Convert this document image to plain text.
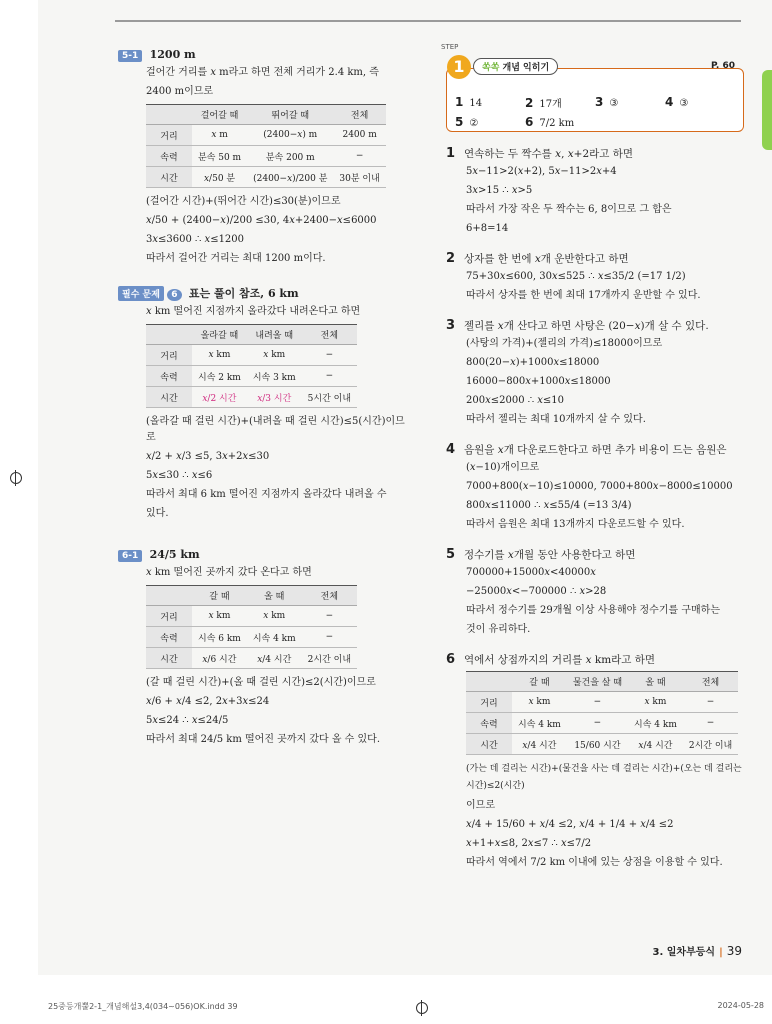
5-1 1200 m
걸어간 거리를 𝑥 m라고 하면 전체 거리가 2.4 km, 즉
2400 m이므로
	걸어갈 때	뛰어갈 때	전체
거리	𝑥 m	(2400−𝑥) m	2400 m
속력	분속 50 m	분속 200 m	−
시간	𝑥/50 분	(2400−𝑥)/200 분	30분 이내
(걸어간 시간)+(뛰어간 시간)≤30(분)이므로
𝑥/50 + (2400−𝑥)/200 ≤30, 4𝑥+2400−𝑥≤6000
3𝑥≤3600 ∴ 𝑥≤1200
따라서 걸어간 거리는 최대 1200 m이다.
필수 문제 6 표는 풀이 참조, 6 km
𝑥 km 떨어진 지점까지 올라갔다 내려온다고 하면
	올라갈 때	내려올 때	전체
거리	𝑥 km	𝑥 km	−
속력	시속 2 km	시속 3 km	−
시간	𝑥/2 시간	𝑥/3 시간	5시간 이내
(올라갈 때 걸린 시간)+(내려올 때 걸린 시간)≤5(시간)이므로
𝑥/2 + 𝑥/3 ≤5, 3𝑥+2𝑥≤30
5𝑥≤30 ∴ 𝑥≤6
따라서 최대 6 km 떨어진 지점까지 올라갔다 내려올 수
있다.
6-1 24/5 km
𝑥 km 떨어진 곳까지 갔다 온다고 하면
	갈 때	올 때	전체
거리	𝑥 km	𝑥 km	−
속력	시속 6 km	시속 4 km	−
시간	𝑥/6 시간	𝑥/4 시간	2시간 이내
(갈 때 걸린 시간)+(올 때 걸린 시간)≤2(시간)이므로
𝑥/6 + 𝑥/4 ≤2, 2𝑥+3𝑥≤24
5𝑥≤24 ∴ 𝑥≤24/5
따라서 최대 24/5 km 떨어진 곳까지 갔다 올 수 있다.
STEP
1	쏙쏙 개념 익히기	P. 60
1 14	2 17개	3 ③	4 ③
5 ②	6 7/2 km
1 연속하는 두 짝수를 𝑥, 𝑥+2라고 하면
5𝑥−11>2(𝑥+2), 5𝑥−11>2𝑥+4
3𝑥>15 ∴ 𝑥>5
따라서 가장 작은 두 짝수는 6, 8이므로 그 합은
6+8=14
2 상자를 한 번에 𝑥개 운반한다고 하면
75+30𝑥≤600, 30𝑥≤525 ∴ 𝑥≤35/2 (=17 1/2)
따라서 상자를 한 번에 최대 17개까지 운반할 수 있다.
3 젤리를 𝑥개 산다고 하면 사탕은 (20−𝑥)개 살 수 있다.
(사탕의 가격)+(젤리의 가격)≤18000이므로
800(20−𝑥)+1000𝑥≤18000
16000−800𝑥+1000𝑥≤18000
200𝑥≤2000 ∴ 𝑥≤10
따라서 젤리는 최대 10개까지 살 수 있다.
4 음원을 𝑥개 다운로드한다고 하면 추가 비용이 드는 음원은
(𝑥−10)개이므로
7000+800(𝑥−10)≤10000, 7000+800𝑥−8000≤10000
800𝑥≤11000 ∴ 𝑥≤55/4 (=13 3/4)
따라서 음원은 최대 13개까지 다운로드할 수 있다.
5 정수기를 𝑥개월 동안 사용한다고 하면
700000+15000𝑥<40000𝑥
−25000𝑥<−700000 ∴ 𝑥>28
따라서 정수기를 29개월 이상 사용해야 정수기를 구매하는
것이 유리하다.
6 역에서 상점까지의 거리를 𝑥 km라고 하면
	갈 때	물건을 살 때	올 때	전체
거리	𝑥 km	−	𝑥 km	−
속력	시속 4 km	−	시속 4 km	−
시간	𝑥/4 시간	15/60 시간	𝑥/4 시간	2시간 이내
(가는 데 걸리는 시간)+(물건을 사는 데 걸리는 시간)+(오는 데 걸리는 시간)≤2(시간)
이므로
𝑥/4 + 15/60 + 𝑥/4 ≤2, 𝑥/4 + 1/4 + 𝑥/4 ≤2
𝑥+1+𝑥≤8, 2𝑥≤7 ∴ 𝑥≤7/2
따라서 역에서 7/2 km 이내에 있는 상점을 이용할 수 있다.
3. 일차부등식 | 39
25중등개뿔2-1_개념해설3,4(034~056)OK.indd 39	2024-05-28
